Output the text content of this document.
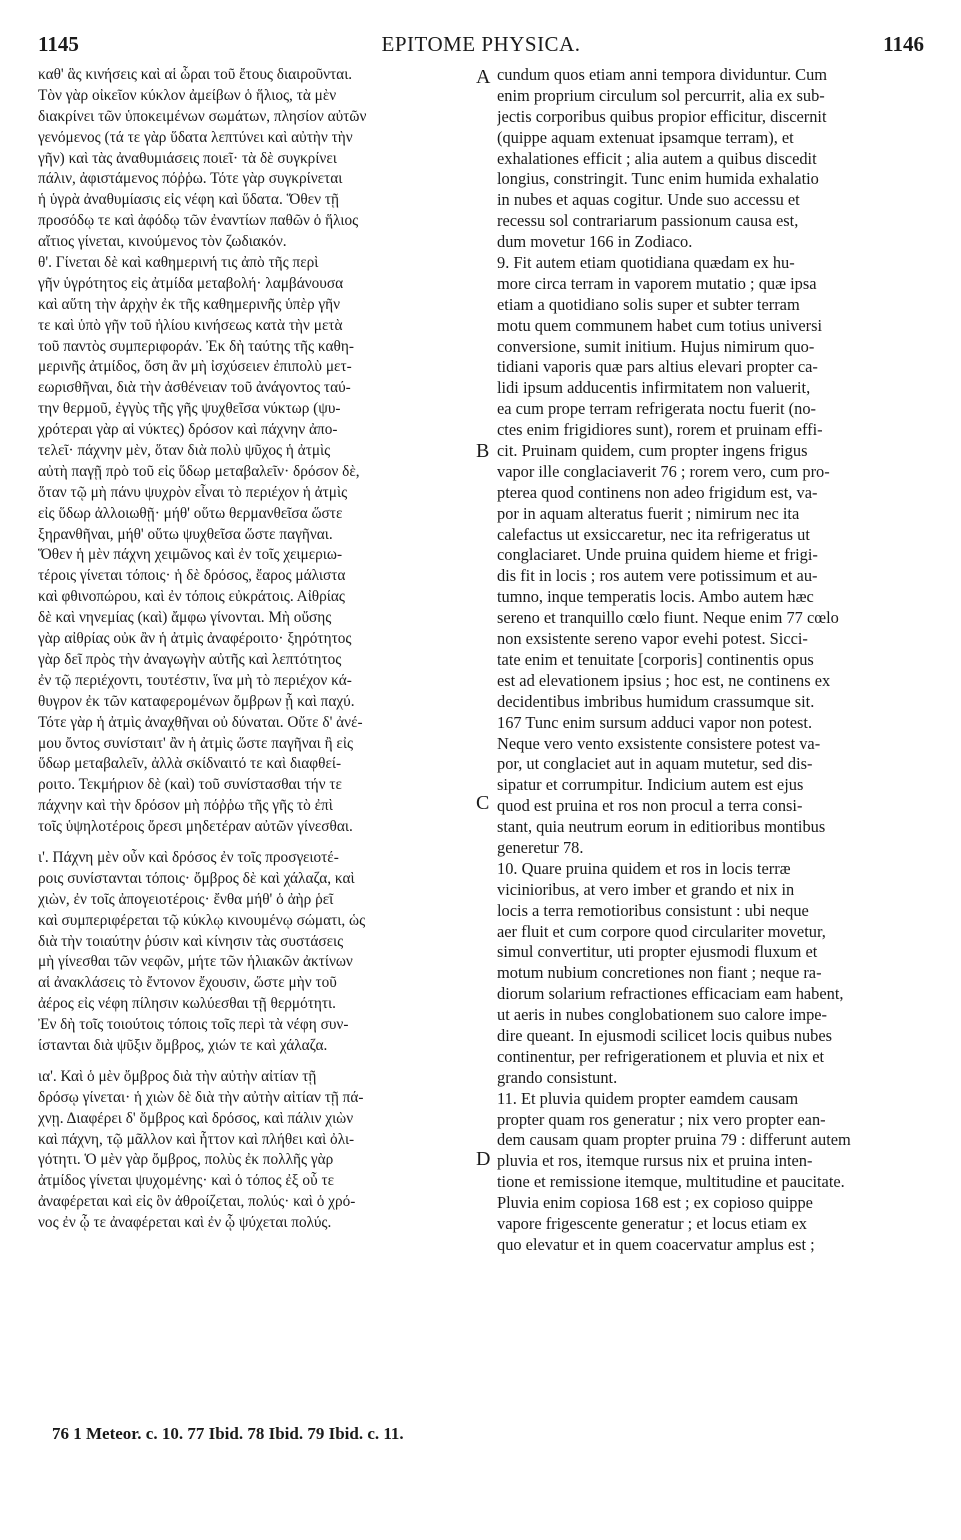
1145	EPITOME PHYSICA.	1146
καθ' ἃς κινήσεις καὶ αἱ ὧραι τοῦ ἔτους διαιροῦνται.
Τὸν γὰρ οἰκεῖον κύκλον ἀμείβων ὁ ἥλιος, τὰ μὲν
διακρίνει τῶν ὑποκειμένων σωμάτων, πλησίον αὐτῶν
γενόμενος (τά τε γὰρ ὕδατα λεπτύνει καὶ αὐτὴν τὴν
γῆν) καὶ τὰς ἀναθυμιάσεις ποιεῖ· τὰ δὲ συγκρίνει
πάλιν, ἀφιστάμενος πόῤῥω. Τότε γὰρ συγκρίνεται
ἡ ὑγρὰ ἀναθυμίασις εἰς νέφη καὶ ὕδατα. Ὅθεν τῇ
προσόδῳ τε καὶ ἀφόδῳ τῶν ἐναντίων παθῶν ὁ ἥλιος
αἴτιος γίνεται, κινούμενος τὸν ζωδιακόν.
θ'. Γίνεται δὲ καὶ καθημερινή τις ἀπὸ τῆς περὶ
γῆν ὑγρότητος εἰς ἀτμίδα μεταβολή· λαμβάνουσα
καὶ αὕτη τὴν ἀρχὴν ἐκ τῆς καθημερινῆς ὑπὲρ γῆν
τε καὶ ὑπὸ γῆν τοῦ ἡλίου κινήσεως κατὰ τὴν μετὰ
τοῦ παντὸς συμπεριφοράν. Ἐκ δὴ ταύτης τῆς καθη-
μερινῆς ἀτμίδος, ὅση ἂν μὴ ἰσχύσειεν ἐπιπολὺ μετ-
εωρισθῆναι, διὰ τὴν ἀσθένειαν τοῦ ἀνάγοντος ταύ-
την θερμοῦ, ἐγγὺς τῆς γῆς ψυχθεῖσα νύκτωρ (ψυ-
χρότεραι γὰρ αἱ νύκτες) δρόσον καὶ πάχνην ἀπο-
τελεῖ· πάχνην μὲν, ὅταν διὰ πολὺ ψῦχος ἡ ἀτμὶς
αὐτὴ παγῇ πρὸ τοῦ εἰς ὕδωρ μεταβαλεῖν· δρόσον δὲ,
ὅταν τῷ μὴ πάνυ ψυχρὸν εἶναι τὸ περιέχον ἡ ἀτμὶς
εἰς ὕδωρ ἀλλοιωθῇ· μήθ' οὕτω θερμανθεῖσα ὥστε
ξηρανθῆναι, μήθ' οὕτω ψυχθεῖσα ὥστε παγῆναι.
Ὅθεν ἡ μὲν πάχνη χειμῶνος καὶ ἐν τοῖς χειμεριω-
τέροις γίνεται τόποις· ἡ δὲ δρόσος, ἔαρος μάλιστα
καὶ φθινοπώρου, καὶ ἐν τόποις εὐκράτοις. Αἰθρίας
δὲ καὶ νηνεμίας (καὶ) ἄμφω γίνονται. Μὴ οὔσης
γὰρ αἰθρίας οὐκ ἂν ἡ ἀτμὶς ἀναφέροιτο· ξηρότητος
γὰρ δεῖ πρὸς τὴν ἀναγωγὴν αὐτῆς καὶ λεπτότητος
ἐν τῷ περιέχοντι, τουτέστιν, ἵνα μὴ τὸ περιέχον κά-
θυγρον ἐκ τῶν καταφερομένων ὄμβρων ᾖ καὶ παχύ.
Τότε γὰρ ἡ ἀτμὶς ἀναχθῆναι οὐ δύναται. Οὔτε δ' ἀνέ-
μου ὄντος συνίσταιτ' ἂν ἡ ἀτμὶς ὥστε παγῆναι ἢ εἰς
ὕδωρ μεταβαλεῖν, ἀλλὰ σκίδναιτό τε καὶ διαφθεί-
ροιτο. Τεκμήριον δὲ (καὶ) τοῦ συνίστασθαι τήν τε
πάχνην καὶ τὴν δρόσον μὴ πόῤῥω τῆς γῆς τὸ ἐπὶ
τοῖς ὑψηλοτέροις ὄρεσι μηδετέραν αὐτῶν γίνεσθαι.
ι'. Πάχνη μὲν οὖν καὶ δρόσος ἐν τοῖς προσγειοτέ-
ροις συνίστανται τόποις· ὄμβρος δὲ καὶ χάλαζα, καὶ
χιὼν, ἐν τοῖς ἀπογειοτέροις· ἔνθα μήθ' ὁ ἀὴρ ῥεῖ
καὶ συμπεριφέρεται τῷ κύκλῳ κινουμένῳ σώματι, ὡς
διὰ τὴν τοιαύτην ῥύσιν καὶ κίνησιν τὰς συστάσεις
μὴ γίνεσθαι τῶν νεφῶν, μήτε τῶν ἡλιακῶν ἀκτίνων
αἱ ἀνακλάσεις τὸ ἔντονον ἔχουσιν, ὥστε μὴν τοῦ
ἀέρος εἰς νέφη πίλησιν κωλύεσθαι τῇ θερμότητι.
Ἐν δὴ τοῖς τοιούτοις τόποις τοῖς περὶ τὰ νέφη συν-
ίστανται διὰ ψῦξιν ὄμβρος, χιών τε καὶ χάλαζα.
ια'. Καὶ ὁ μὲν ὄμβρος διὰ τὴν αὐτὴν αἰτίαν τῇ
δρόσῳ γίνεται· ἡ χιὼν δὲ διὰ τὴν αὐτὴν αἰτίαν τῇ πά-
χνῃ. Διαφέρει δ' ὄμβρος καὶ δρόσος, καὶ πάλιν χιὼν
καὶ πάχνη, τῷ μᾶλλον καὶ ἧττον καὶ πλήθει καὶ ὀλι-
γότητι. Ὁ μὲν γὰρ ὄμβρος, πολὺς ἐκ πολλῆς γὰρ
ἀτμίδος γίνεται ψυχομένης· καὶ ὁ τόπος ἐξ οὗ τε
ἀναφέρεται καὶ εἰς ὃν ἀθροίζεται, πολύς· καὶ ὁ χρό-
νος ἐν ᾧ τε ἀναφέρεται καὶ ἐν ᾧ ψύχεται πολύς.
cundum quos etiam anni tempora dividuntur. Cum
enim proprium circulum sol percurrit, alia ex sub-
jectis corporibus quibus propior efficitur, discernit
(quippe aquam extenuat ipsamque terram), et
exhalationes efficit ; alia autem a quibus discedit
longius, constringit. Tunc enim humida exhalatio
in nubes et aquas cogitur. Unde suo accessu et
recessu sol contrariarum passionum causa est,
dum movetur 166 in Zodiaco.
9. Fit autem etiam quotidiana quædam ex hu-
more circa terram in vaporem mutatio ; quæ ipsa
etiam a quotidiano solis super et subter terram
motu quem communem habet cum totius universi
conversione, sumit initium. Hujus nimirum quo-
tidiani vaporis quæ pars altius elevari propter ca-
lidi ipsum adducentis infirmitatem non valuerit,
ea cum prope terram refrigerata noctu fuerit (no-
ctes enim frigidiores sunt), rorem et pruinam effi-
cit. Pruinam quidem, cum propter ingens frigus
vapor ille conglaciaverit 76 ; rorem vero, cum pro-
pterea quod continens non adeo frigidum est, va-
por in aquam alteratus fuerit ; nimirum nec ita
calefactus ut exsiccaretur, nec ita refrigeratus ut
conglaciaret. Unde pruina quidem hieme et frigi-
dis fit in locis ; ros autem vere potissimum et au-
tumno, inque temperatis locis. Ambo autem hæc
sereno et tranquillo cœlo fiunt. Neque enim 77 cœlo
non exsistente sereno vapor evehi potest. Sicci-
tate enim et tenuitate [corporis] continentis opus
est ad elevationem ipsius ; hoc est, ne continens ex
decidentibus imbribus humidum crassumque sit.
167 Tunc enim sursum adduci vapor non potest.
Neque vero vento exsistente consistere potest va-
por, ut conglaciet aut in aquam mutetur, sed dis-
sipatur et corrumpitur. Indicium autem est ejus
quod est pruina et ros non procul a terra consi-
stant, quia neutrum eorum in editioribus montibus
generetur 78.
10. Quare pruina quidem et ros in locis terræ
vicinioribus, at vero imber et grando et nix in
locis a terra remotioribus consistunt : ubi neque
aer fluit et cum corpore quod circulariter movetur,
simul convertitur, uti propter ejusmodi fluxum et
motum nubium concretiones non fiant ; neque ra-
diorum solarium refractiones efficaciam eam habent,
ut aeris in nubes conglobationem suo calore impe-
dire queant. In ejusmodi scilicet locis quibus nubes
continentur, per refrigerationem et pluvia et nix et
grando consistunt.
11. Et pluvia quidem propter eamdem causam
propter quam ros generatur ; nix vero propter ean-
dem causam quam propter pruina 79 : differunt autem
pluvia et ros, itemque rursus nix et pruina inten-
tione et remissione itemque, multitudine et paucitate.
Pluvia enim copiosa 168 est ; ex copioso quippe
vapore frigescente generatur ; et locus etiam ex
quo elevatur et in quem coacervatur amplus est ;
A
B
C
D
76 1 Meteor. c. 10. 77 Ibid. 78 Ibid. 79 Ibid. c. 11.
